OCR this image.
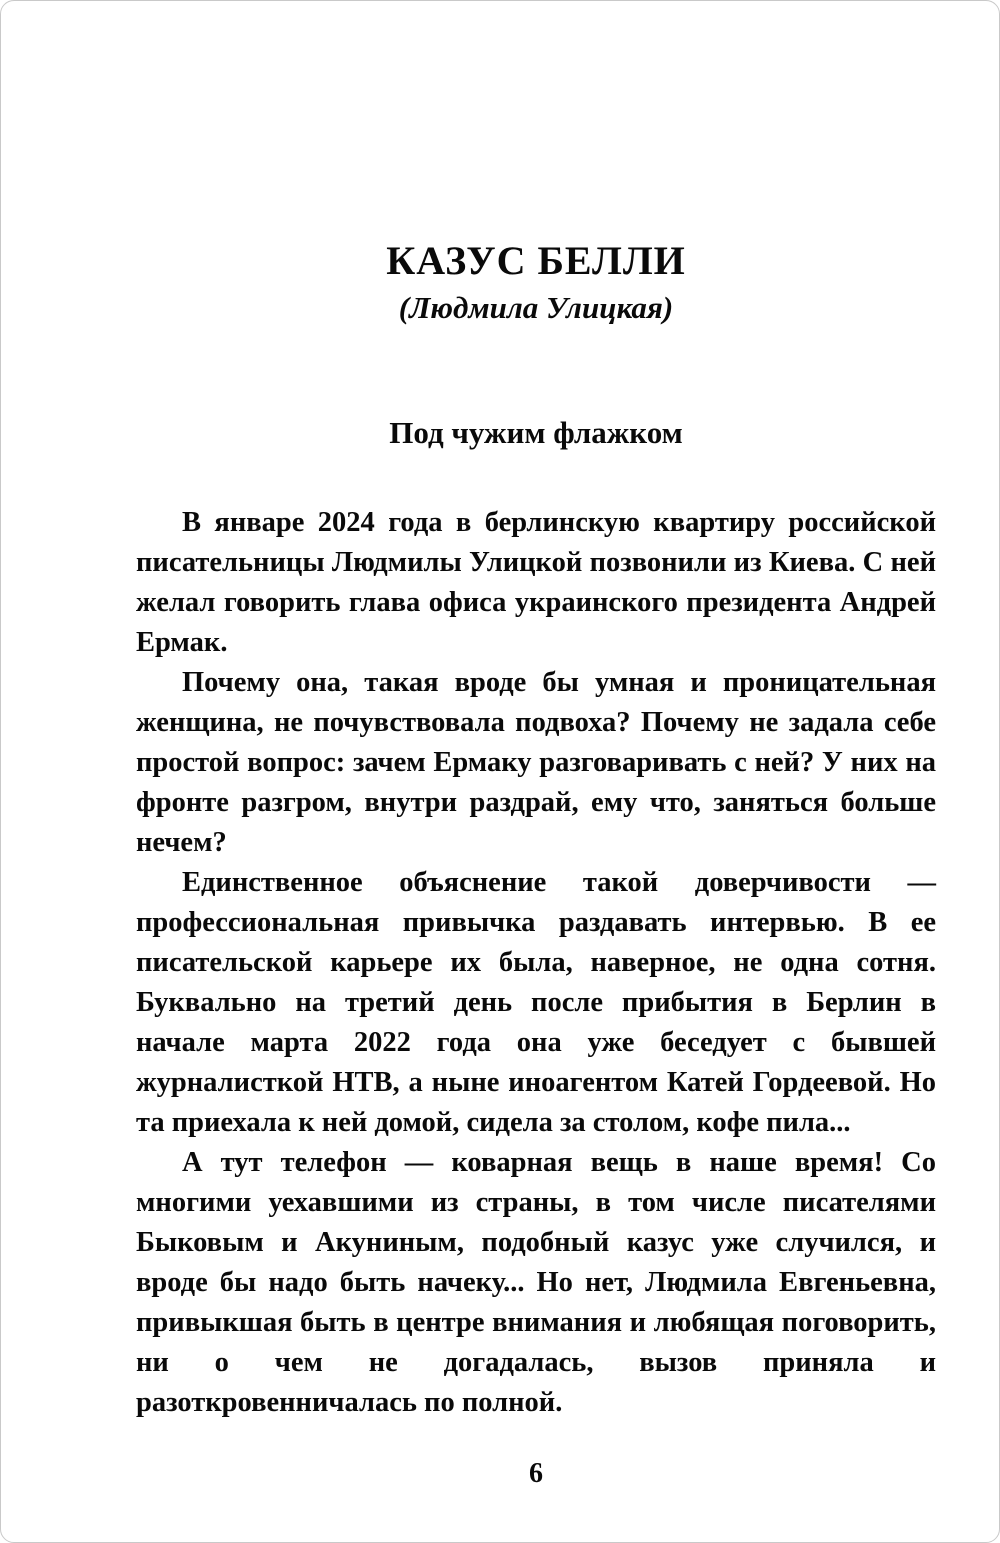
КАЗУС БЕЛЛИ
(Людмила Улицкая)
Под чужим флажком

В январе 2024 года в берлинскую квартиру российской писательницы Людмилы Улицкой позвонили из Киева. С ней желал говорить глава офиса украинского президента Андрей Ермак.

Почему она, такая вроде бы умная и проницательная женщина, не почувствовала подвоха? Почему не задала себе простой вопрос: зачем Ермаку разговаривать с ней? У них на фронте разгром, внутри раздрай, ему что, заняться больше нечем?

Единственное объяснение такой доверчивости — профессиональная привычка раздавать интервью. В ее писательской карьере их была, наверное, не одна сотня. Буквально на третий день после прибытия в Берлин в начале марта 2022 года она уже беседует с бывшей журналисткой НТВ, а ныне иноагентом Катей Гордеевой. Но та приехала к ней домой, сидела за столом, кофе пила...

А тут телефон — коварная вещь в наше время! Со многими уехавшими из страны, в том числе писателями Быковым и Акуниным, подобный казус уже случился, и вроде бы надо быть начеку... Но нет, Людмила Евгеньевна, привыкшая быть в центре внимания и любящая поговорить, ни о чем не догадалась, вызов приняла и разоткровенничалась по полной.

6
